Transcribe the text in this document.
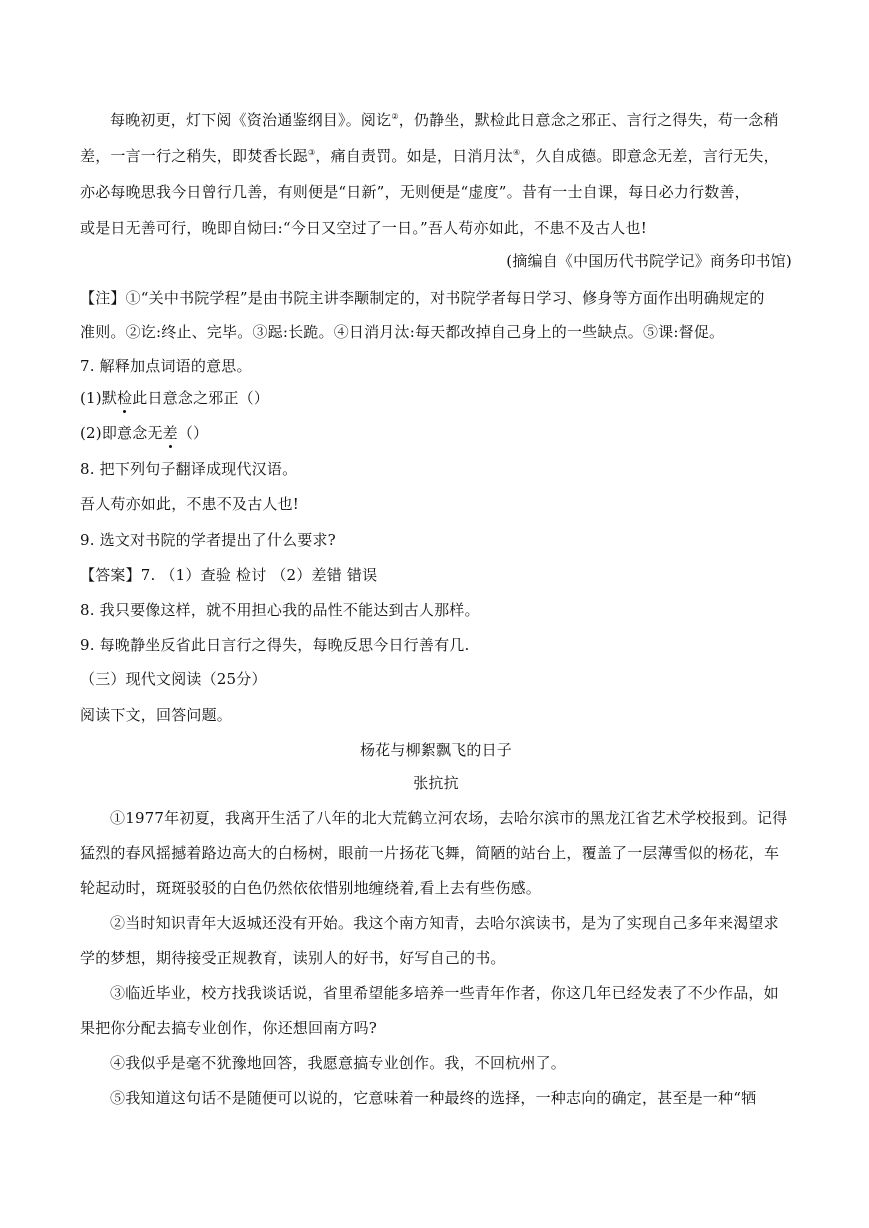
每晚初更，灯下阅《资治通鉴纲目》。阅讫②，仍静坐，默检此日意念之邪正、言行之得失，苟一念稍
差，一言一行之稍失，即焚香长跽③，痛自责罚。如是，日消月汰④，久自成德。即意念无差，言行无失，
亦必每晚思我今日曾行几善，有则便是“日新”，无则便是“虚度”。昔有一士自课，每日必力行数善，
或是日无善可行，晚即自恸曰:“今日又空过了一日。”吾人苟亦如此，不患不及古人也!
(摘编自《中国历代书院学记》商务印书馆)
【注】①“关中书院学程”是由书院主讲李颙制定的，对书院学者每日学习、修身等方面作出明确规定的
准则。②讫:终止、完毕。③跽:长跪。④日消月汰:每天都改掉自己身上的一些缺点。⑤课:督促。
7. 解释加点词语的意思。
(1)默检此日意念之邪正（）
(2)即意念无差（）
8. 把下列句子翻译成现代汉语。
吾人苟亦如此，不患不及古人也!
9. 选文对书院的学者提出了什么要求?
【答案】7. （1）查验 检讨 （2）差错 错误
8. 我只要像这样，就不用担心我的品性不能达到古人那样。
9. 每晚静坐反省此日言行之得失，每晚反思今日行善有几.
（三）现代文阅读（25分）
阅读下文，回答问题。
杨花与柳絮飘飞的日子
张抗抗
①1977年初夏，我离开生活了八年的北大荒鹤立河农场，去哈尔滨市的黑龙江省艺术学校报到。记得
猛烈的春风摇撼着路边高大的白杨树，眼前一片扬花飞舞，简陋的站台上，覆盖了一层薄雪似的杨花，车
轮起动时，斑斑驳驳的白色仍然依依惜别地缠绕着,看上去有些伤感。
②当时知识青年大返城还没有开始。我这个南方知青，去哈尔滨读书，是为了实现自己多年来渴望求
学的梦想，期待接受正规教育，读别人的好书，好写自己的书。
③临近毕业，校方找我谈话说，省里希望能多培养一些青年作者，你这几年已经发表了不少作品，如
果把你分配去搞专业创作，你还想回南方吗?
④我似乎是毫不犹豫地回答，我愿意搞专业创作。我，不回杭州了。
⑤我知道这句话不是随便可以说的，它意味着一种最终的选择，一种志向的确定，甚至是一种“牺
